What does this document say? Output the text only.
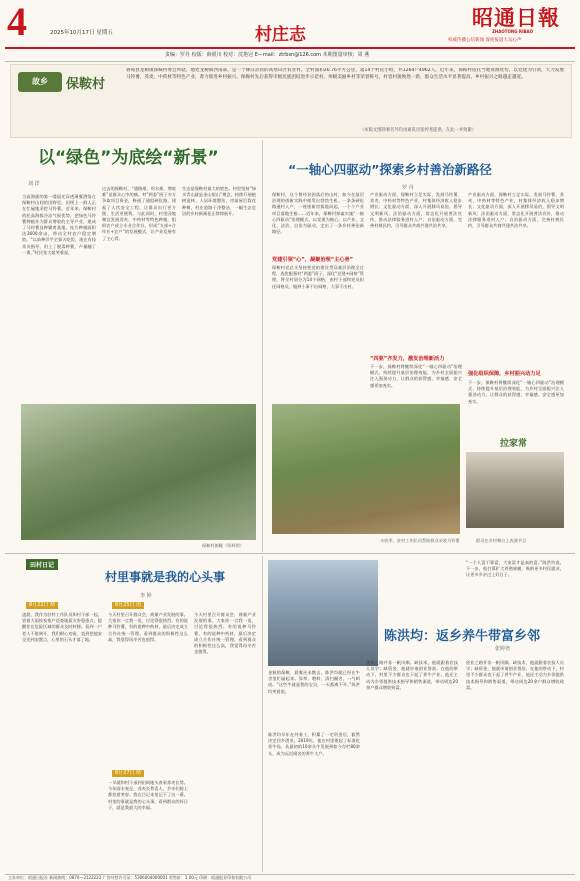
4	2025年10月17日 星期五	村庄志
昭通日報
ZHAOTONG RIBAO
权威传播公信新闻 深度报道大众心声
责编：罗丹 校版：薛银川 校对：沈艳冠 E—mail：ztrbsn@126.com 本期图量审核：周 燕
故乡	保鞍村
鲁甸县龙树镇保鞍村委会所辖，地处龙树镇西南部，是一个彝汉杂居的高寒山区农业村。全村面积26.76平方公里，辖14个村民小组，共1264户4962人。近年来，保鞍村依托当地资源优势，以党建为引领，大力发展马铃薯、荞麦、中药材等特色产业，着力推进乡村振兴。保鞍村先后获得市级民族团结进步示范村、州级美丽乡村等荣誉称号，村容村貌焕然一新，群众生活水平显著提高，乡村振兴之路越走越宽。
（本版文图除署名外均由通讯员张婷尧提供，在此一并致谢）
以“绿色”为底绘“新景”
刘 洋
当高海拔的第一缕晨光穿透薄雾洒落在保鞍村山间的田野里，田埂上一群人正在忙碌地采挖马铃薯。近年来，保鞍村依托高海拔冷凉气候优势，把绿色马铃薯种植作为群众增收的主导产业，建成了马铃薯良种繁育基地，连片种植面积达3600余亩，带动全村农户稳定增收。“以前种洋芋全靠天吃饭，现在有技术员指导，用上了脱毒种薯，产量翻了一番。”村民张大姐笑着说。
过去的保鞍村，“通路难、用水难、增收难”是群众心中的痛。村“两委”班子多方争取项目资金，修通了通组硬化路，建起了人饮安全工程，让群众出行更方便、生活更便利。与此同时，村里因地制宜发展荞麦、中药材等特色种植，组织农户成立专业合作社，形成“支部+合作社+农户”的发展模式，让产业发展有了主心骨。
生态是保鞍村最大的底色。村里坚持“绿水青山就是金山银山”理念，持续开展植树造林、人居环境整治，房前屋后栽花种树，村庄道路干净整洁，一幅生态宜居的乡村新画卷正徐徐展开。
保鞍村俯瞰（资料图）
“一轴心四驱动”探索乡村善治新路径
罗 丹
保鞍村，这个曾经贫困落后的山村，如今在基层治理的创新实践中焕发出勃勃生机。一条条硬化路通村入户，一座座新房拔地而起，一个个产业项目落地生根……近年来，保鞍村探索实施“一轴心四驱动”治理模式，以党建为轴心，以产业、文化、法治、自治为驱动，走出了一条乡村善治新路径。
党建引领“心”，凝聚治理“主心骨”
保鞍村党总支坚持把党的建设贯穿基层治理全过程，选优配强村“两委”班子，深化“党建+网格”管理，将全村划分为14个网格，由村干部和党员担任网格员，做到小事不出网格、大事不出村。
产业驱动方面，保鞍村立足实际，发展马铃薯、荞麦、中药材等特色产业，村集体经济收入稳步增长；文化驱动方面，深入开展移风易俗，倡导文明新风；法治驱动方面，常态化开展普法宣传，推动法律服务进村入户；自治驱动方面，完善村规民约，引导群众共商共建共治共享。
“四驱”齐发力，激发治理新活力
下一步，保鞍村将继续深化“一轴心四驱动”治理模式，持续提升基层治理效能，为乡村全面振兴注入强劲动力，让群众的获得感、幸福感、安全感更加充实。
强化组织保障，乡村振兴动力足
产业驱动方面，保鞍村立足实际，发展马铃薯、荞麦、中药材等特色产业，村集体经济收入稳步增长；文化驱动方面，深入开展移风易俗，倡导文明新风；法治驱动方面，常态化开展普法宣传，推动法律服务进村入户；自治驱动方面，完善村规民约，引导群众共商共建共治共享。
下一步，保鞍村将继续深化“一轴心四驱动”治理模式，持续提升基层治理效能，为乡村全面振兴注入强劲动力，让群众的获得感、幸福感、安全感更加充实。
拉家常
丰收季，驻村工作队员帮助群众采收马铃薯	群众在乡村舞台上表演节目
田村日记
村里事就是我的心头事
李 婷
8月22日 晴
凌晨，我作为驻村工作队员和村干部一起，冒着大雨挨家挨户巡查地质灾害隐患点，提醒住在危险区域的群众及时转移。看到一户老人不愿离开，我们耐心劝说，直到把他安全送到安置点，心里的石头才落了地。
8月25日 雨
今天村里召开群众会，商量产业发展的事。大家你一言我一语，讨论得很热烈。有的说种马铃薯，有的说种中药材，最后决定成立合作社统一管理。看到群众的积极性这么高，我觉得再辛苦也值得。
8月27日 晴
一早就和村干部到田间地头查看荞麦长势。今年雨水充足，荞麦长势喜人，乡亲们脸上都挂着笑容。我在日记本里记下了这一幕，村里的事就是我的心头事，看到群众的好日子，就是我最大的幸福。
今天村里召开群众会，商量产业发展的事。大家你一言我一语，讨论得很热烈。有的说种马铃薯，有的说种中药材，最后决定成立合作社统一管理。看到群众的积极性这么高，我觉得再辛苦也值得。
陈洪均：返乡养牛带富乡邻
张婷尧
金秋的保鞍，晨雾还未散去，陈洪均就已经在牛舍里忙碌起来。添草、喂料、清扫圈舍，一气呵成。“这些牛就是我的宝贝，一天都离不开。”陈洪均笑着说。
陈洪均早年在外务工，积累了一定资金后，毅然决定回乡创业。2019年，他在村里建起了标准化养牛场，从最初的10余头牛发展到如今存栏80余头，成为远近闻名的养牛大户。
创业之路并非一帆风顺。缺技术，他就跟着农技人员学；缺资金，他就申请创业贷款。在他的带动下，村里不少群众也干起了养牛产业，他还主动为乡邻提供技术指导和销售渠道，带动周边20余户群众增收致富。
“一个人富不算富，大家富才是真的富。”陈洪均说，下一步，他打算扩大养殖规模，吸纳更多村民就业，让更多乡亲过上好日子。
创业之路并非一帆风顺。缺技术，他就跟着农技人员学；缺资金，他就申请创业贷款。在他的带动下，村里不少群众也干起了养牛产业，他还主动为乡邻提供技术指导和销售渠道，带动周边20余户群众增收致富。
主办单位：昭通日报社 新闻热线：0870—2122222 广告经营许可证：5306004000001 零售价：1.00元 印刷：昭通报业印务有限公司
